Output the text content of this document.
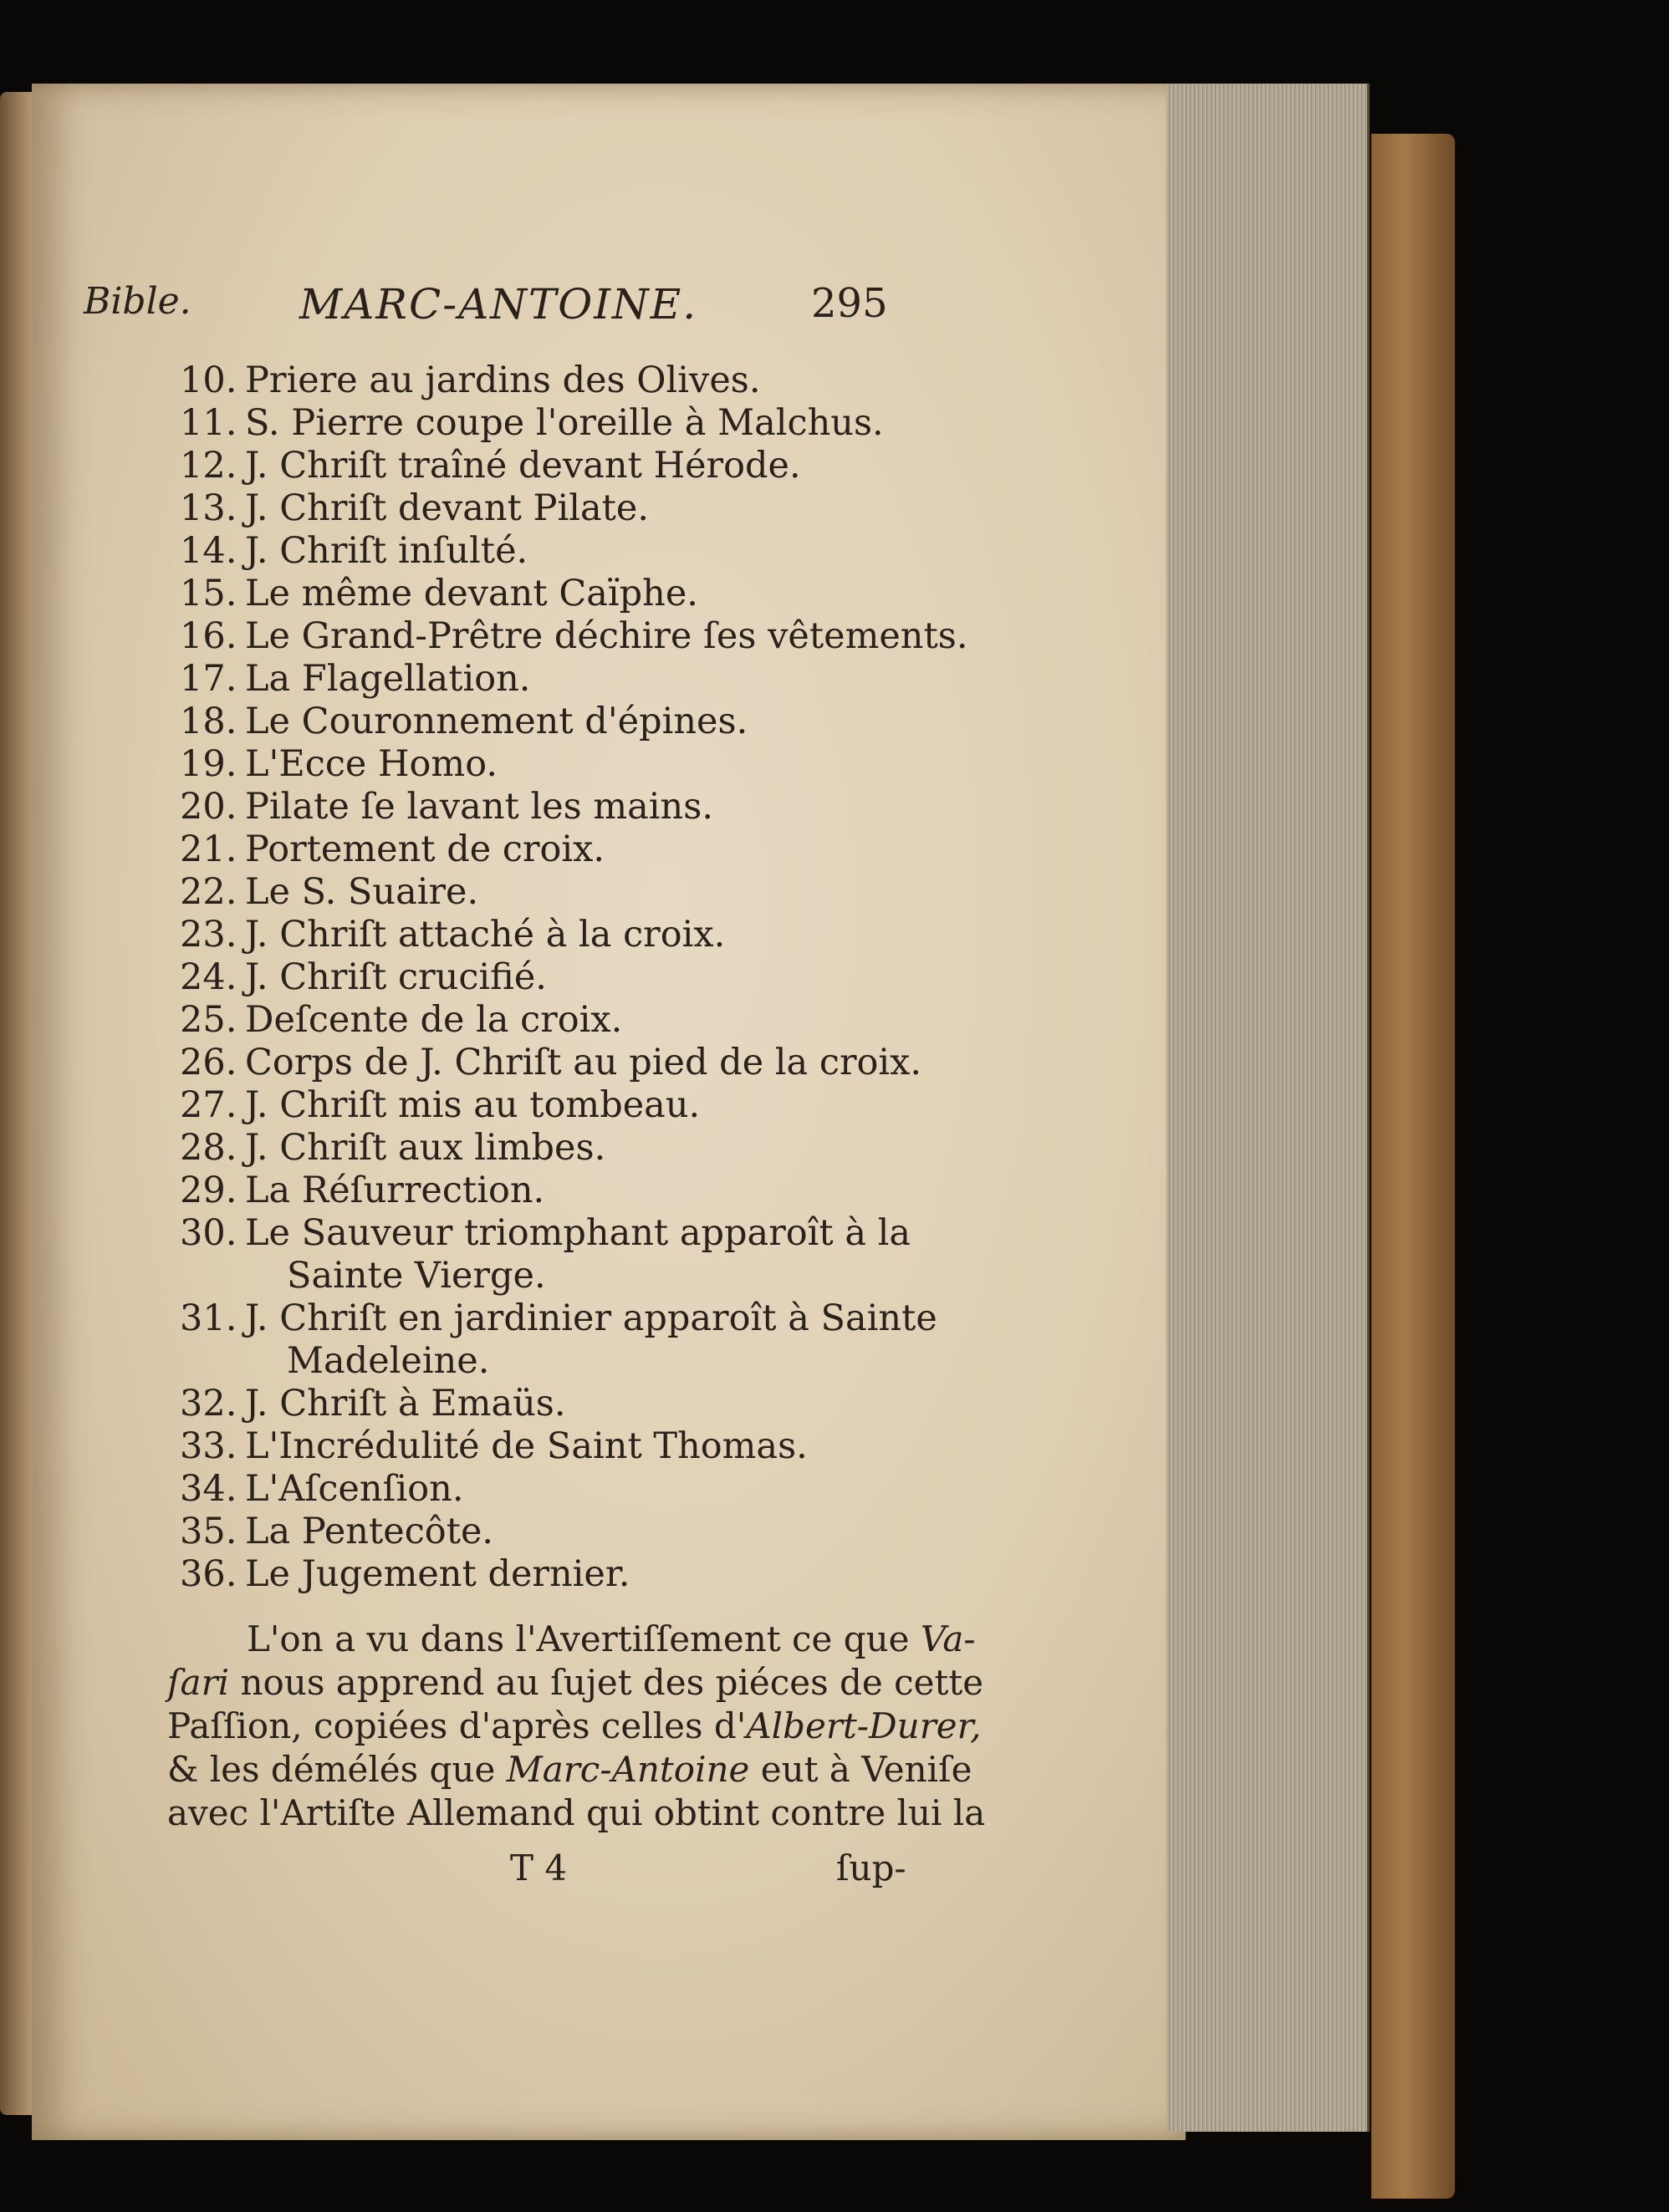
Bible.	MARC-ANTOINE.	295
10. Priere au jardins des Olives.
11. S. Pierre coupe l'oreille à Malchus.
12. J. Chriſt traîné devant Hérode.
13. J. Chriſt devant Pilate.
14. J. Chriſt inſulté.
15. Le même devant Caïphe.
16. Le Grand-Prêtre déchire ſes vêtements.
17. La Flagellation.
18. Le Couronnement d'épines.
19. L'Ecce Homo.
20. Pilate ſe lavant les mains.
21. Portement de croix.
22. Le S. Suaire.
23. J. Chriſt attaché à la croix.
24. J. Chriſt crucifié.
25. Deſcente de la croix.
26. Corps de J. Chriſt au pied de la croix.
27. J. Chriſt mis au tombeau.
28. J. Chriſt aux limbes.
29. La Réſurrection.
30. Le Sauveur triomphant apparoît à la
Sainte Vierge.
31. J. Chriſt en jardinier apparoît à Sainte
Madeleine.
32. J. Chriſt à Emaüs.
33. L'Incrédulité de Saint Thomas.
34. L'Aſcenſion.
35. La Pentecôte.
36. Le Jugement dernier.
L'on a vu dans l'Avertiſſement ce que Va-
ſari nous apprend au ſujet des piéces de cette
Paſſion, copiées d'après celles d'Albert-Durer,
& les démélés que Marc-Antoine eut à Veniſe
avec l'Artiſte Allemand qui obtint contre lui la
T 4	ſup-
